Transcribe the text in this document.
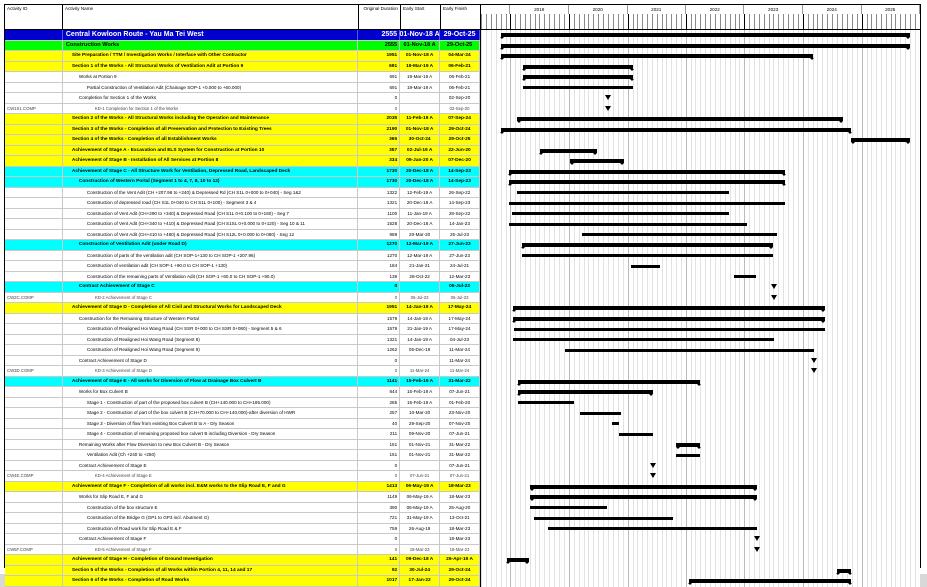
Activity ID	Activity Name	Original Duration	Early Start	Early Finish	2019	2020	2021	2022	2023	2024	2025
Central Kowloon Route - Yau Ma Tei West	2555 01-Nov-18 A 29-Oct-25
Construction Works	2555	01-Nov-18 A	29-Oct-25
Site Preparation / TTM / Investigation Works / Interface with Other Contractor	1951	01-Nov-18 A	04-Mar-24
Section 1 of the Works - All Structural Works of Ventilation Adit at Portion 9	691	19-Mar-19 A	06-Feb-21
Works at Portion 9	691	19-Mar-19 A	06-Feb-21
Partial Construction of Ventilation Adit (Chainage SOP-1 +0.000 to +60.000)	691	19-Mar-19 A	06-Feb-21
Completion for Section 1 of the Works	0	02-Sep-20
CW1S1.COMP	KD-1 Completion for Section 1 of the Works	0	02-Sep-20
Section 2 of the Works - All Structural Works including the Operation and Maintenance	2035	11-Feb-19 A	07-Sep-24
Section 3 of the Works - Completion of all Preservation and Protection to Existing Trees	2190	01-Nov-18 A	29-Oct-24
Section 4 of the Works - Completion of all Establishment Works	365	30-Oct-24	29-Oct-25
Achievement of Stage A - Excavation and ELS System for Construction at Portion 10	357	02-Jul-19 A	22-Jun-20
Achievement of Stage B - Installation of All Services at Portion 8	334	09-Jan-20 A	07-Dec-20
Achievement of Stage C - All Structure Work for Ventilation, Depressed Road, Landscaped Deck	1730	20-Dec-18 A	14-Sep-23
Construction of Western Portal (Segment 1 to 4, 7, 8, 10 to 12)	1730	20-Dec-18 A	14-Sep-23
Construction of the Vent Adit (CH +207.96 to +240) & Depressed Rd (CH S1L 0+000 to 0+040) - Seg 1&2	1322	12-Feb-19 A	26-Sep-22
Construction of depressed road (CH S1L 0+040 to CH S1L 0+100) - Segment 3 & 4	1321	20-Dec-18 A	14-Sep-23
Construction of Vent Adit (CH+290 to +340) & Depressed Road (CH S1L 0+0.100 to 0+160) - Seg 7	1100	11-Jan-19 A	28-Sep-22
Construction of Vent Adit (CH+340 to +410) & Depressed Road (CH S1SL 0+0.000 to 0+120) - Seg 10 & 11	1528	20-Dec-18 A	14-Jan-23
Construction of Vent Adit (CH+410 to +480) & Depressed Road (CH S12L 0+0.000 to 0+060) - Seg 12	989	20-Mar-20	25-Jul-23
Construction of Ventilation Adit (under Road D)	1270	12-Mar-19 A	27-Jun-23
Construction of parts of the ventilation adit (CH SOP-1+130 to CH SOP-1 +207.96)	1270	12-Mar-19 A	27-Jun-23
Construction of ventilation adit (CH SOP-1 +90.0 to CH SOP-1 +130)	184	21-Jan-21	24-Jul-21
Construction of the remaining parts of Ventilation Adit (CH SOP-1 +60.0 to CH SOP-1 +90.0)	139	28-Oct-22	12-Mar-23
Contract Achievement of Stage C	0	06-Jul-23
CW2C.COMP	KD-2 Achievement of Stage C	0	06-Jul-23	06-Jul-23
Achievement of Stage D - Completion of All Civil and Structural Works for Landscaped Deck	1951	14-Jan-19 A	17-May-24
Construction for the Remaining Structure of Western Portal	1579	14-Jan-19 A	17-May-24
Construction of Realigned Hoi Wang Road (CH SSR 0+000 to CH SSR 0+080) - Segment 5 & 6	1579	21-Jan-19 A	17-May-24
Construction of Realigned Hoi Wang Road (Segment 8)	1321	14-Jan-19 A	04-Jul-23
Construction of Realigned Hoi Wang Road (Segment 9)	1262	05-Dec-19	11-Mar-24
Contract Achievement of Stage D	0	11-Mar-24
CW3D.COMP	KD-3 Achievement of Stage D	0	11-Mar-24	11-Mar-24
Achievement of Stage E - All works for Diversion of Flow at Drainage Box Culvert B	1141	15-Feb-19 A	31-Mar-22
Works for Box Culvert B	844	15-Feb-19 A	07-Jun-21
Stage 1 - Construction of part of the proposed box culvert B (CH+140.000 to CH+185.000)	285	15-Feb-19 A	01-Feb-20
Stage 2 - Construction of part of the box culvert B (CH+70.000 to CH+140.000)-after diversion of HWR	257	10-Mar-20	23-Nov-20
Stage 3 - Diversion of flow from existing Box Culvert B to A - Dry Season	40	29-Sep-20	07-Nov-20
Stage 4 - Construction of remaining proposed box culvert B including Diversion - Dry Season	211	09-Nov-20	07-Jun-21
Remaining Works after Flow Diversion to new Box Culvert B - Dry Season	151	01-Nov-21	31-Mar-22
Ventilation Adit (Ch +240 to +250)	151	01-Nov-21	31-Mar-22
Contract Achievement of Stage E	0	07-Jun-21
CW4E.COMP	KD-4 Achievement of Stage E	0	07-Jun-21	07-Jun-21
Achievement of Stage F - Completion of all works incl. E&M works to the Slip Road E, F and G	1413	06-May-19 A	18-Mar-23
Works for Slip Road E, F and G	1149	06-May-19 A	18-Mar-23
Construction of the box structure E	390	06-May-19 A	25-Aug-20
Construction of the Bridge G (GP1 to GP3 incl. Abutment G)	721	31-May-19 A	13-Oct-21
Construction of Road work for Slip Road E & F	759	26-Aug-19	18-Mar-23
Contract Achievement of Stage F	0	18-Mar-23
CW5F.COMP	KD-5 Achievement of Stage F	0	18-Mar-23	18-Mar-23
Achievement of Stage H - Completion of Ground Investigation	141	09-Dec-18 A	26-Apr-19 A
Section 5 of the Works - Completion of all Works within Portion 4, 11, 14 and 17	92	30-Jul-24	29-Oct-24
Section 6 of the Works - Completion of Road Works	1017	17-Jan-22	29-Oct-24
